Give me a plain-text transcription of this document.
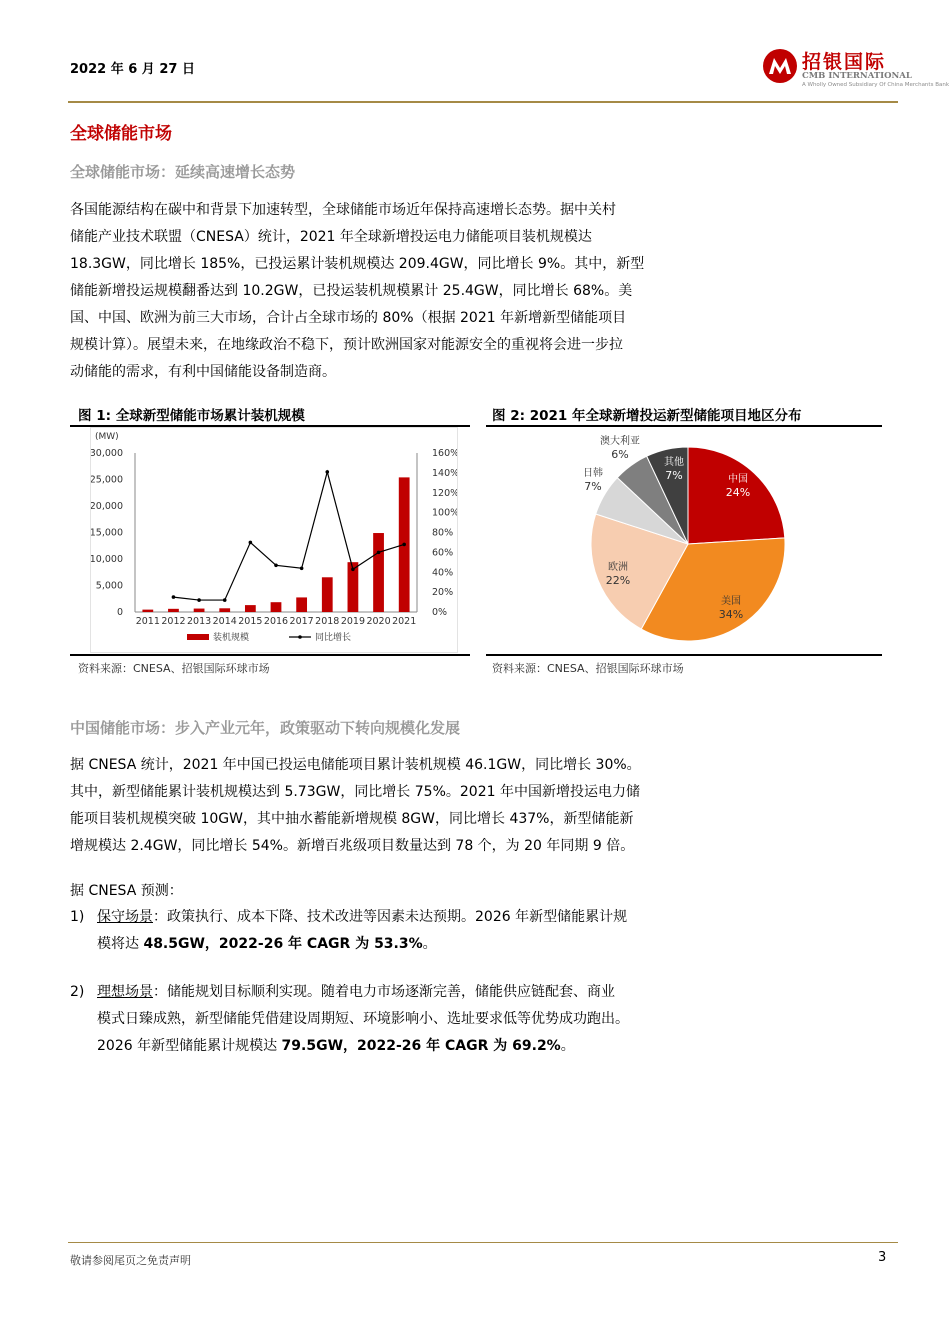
2022 年 6 月 27 日	招银国际
CMB INTERNATIONAL
A Wholly Owned Subsidiary Of China Merchants Bank
全球储能市场
全球储能市场：延续高速增长态势
各国能源结构在碳中和背景下加速转型，全球储能市场近年保持高速增长态势。据中关村
储能产业技术联盟（CNESA）统计，2021 年全球新增投运电力储能项目装机规模达
18.3GW，同比增长 185%，已投运累计装机规模达 209.4GW，同比增长 9%。其中，新型
储能新增投运规模翻番达到 10.2GW，已投运装机规模累计 25.4GW，同比增长 68%。美
国、中国、欧洲为前三大市场，合计占全球市场的 80%（根据 2021 年新增新型储能项目
规模计算）。展望未来，在地缘政治不稳下，预计欧洲国家对能源安全的重视将会进一步拉
动储能的需求，有利中国储能设备制造商。
图 1: 全球新型储能市场累计装机规模	图 2: 2021 年全球新增投运新型储能项目地区分布
(MW)
0
5,000
10,000
15,000
20,000
25,000
30,000
0%
20%
40%
60%
80%
100%
120%
140%
160%
2011 2012 2013 2014 2015 2016 2017 2018 2019 2020 2021
装机规模	同比增长
中国
24%
美国
34%
欧洲
22%
日韩
7%
澳大利亚
6%
其他
7%
资料来源：CNESA、招银国际环球市场	资料来源：CNESA、招银国际环球市场
中国储能市场：步入产业元年，政策驱动下转向规模化发展
据 CNESA 统计，2021 年中国已投运电储能项目累计装机规模 46.1GW，同比增长 30%。
其中，新型储能累计装机规模达到 5.73GW，同比增长 75%。2021 年中国新增投运电力储
能项目装机规模突破 10GW，其中抽水蓄能新增规模 8GW，同比增长 437%，新型储能新
增规模达 2.4GW，同比增长 54%。新增百兆级项目数量达到 78 个，为 20 年同期 9 倍。
据 CNESA 预测：
1) 保守场景：政策执行、成本下降、技术改进等因素未达预期。2026 年新型储能累计规
模将达 48.5GW，2022-26 年 CAGR 为 53.3%。
2) 理想场景：储能规划目标顺利实现。随着电力市场逐渐完善，储能供应链配套、商业
模式日臻成熟，新型储能凭借建设周期短、环境影响小、选址要求低等优势成功跑出。
2026 年新型储能累计规模达 79.5GW，2022-26 年 CAGR 为 69.2%。
敬请参阅尾页之免责声明	3
